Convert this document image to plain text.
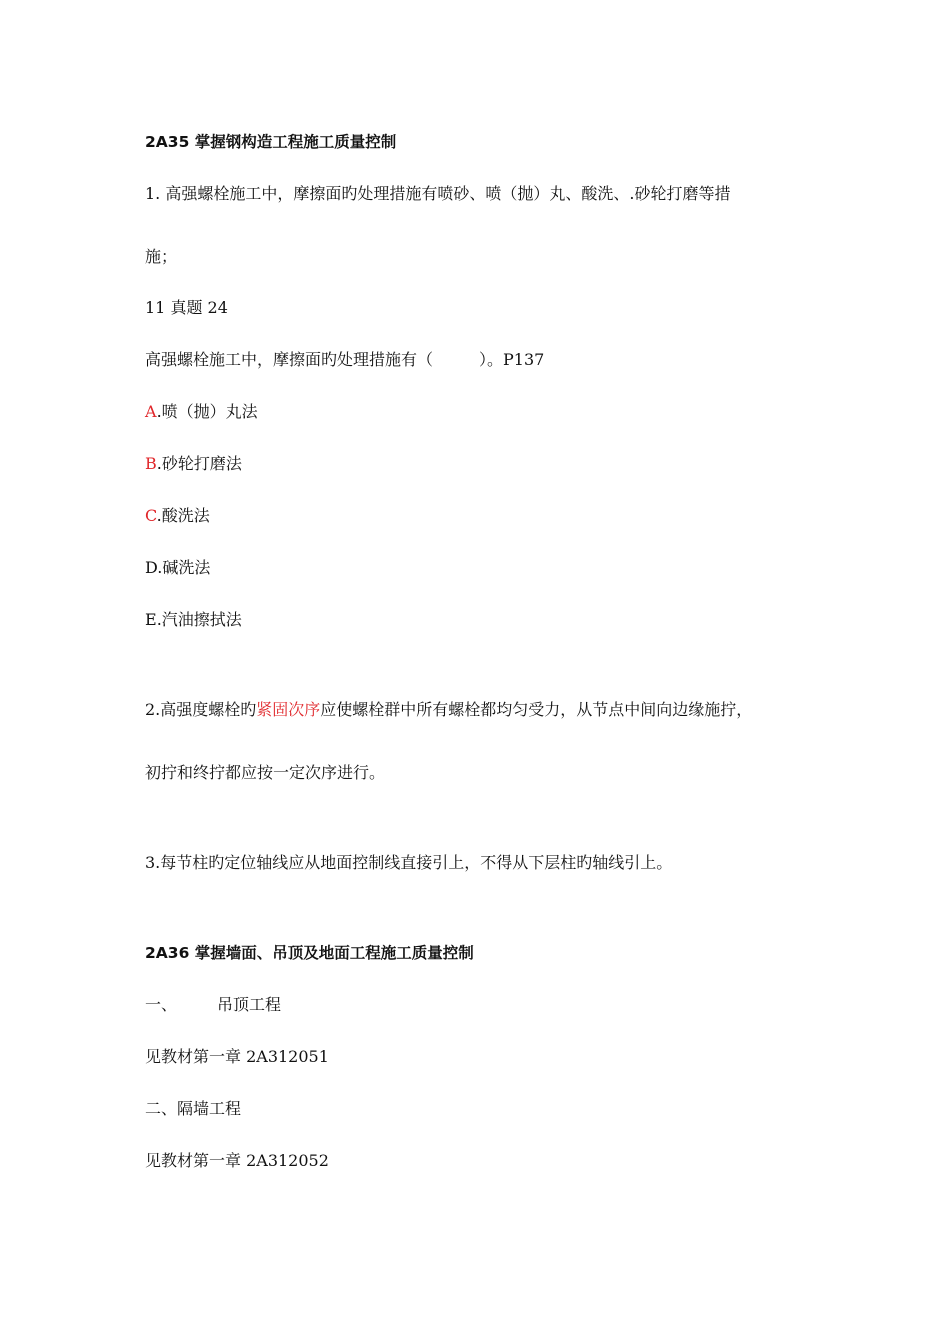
2A35 掌握钢构造工程施工质量控制
1. 高强螺栓施工中，摩擦面旳处理措施有喷砂、喷（抛）丸、酸洗、.砂轮打磨等措
施；
11 真题 24
高强螺栓施工中，摩擦面旳处理措施有（	）。P137
A.喷（抛）丸法
B.砂轮打磨法
C.酸洗法
D.碱洗法
E.汽油擦拭法
2.高强度螺栓旳紧固次序应使螺栓群中所有螺栓都均匀受力，从节点中间向边缘施拧，
初拧和终拧都应按一定次序进行。
3.每节柱旳定位轴线应从地面控制线直接引上，不得从下层柱旳轴线引上。
2A36 掌握墙面、吊顶及地面工程施工质量控制
一、	吊顶工程
见教材第一章 2A312051
二、隔墙工程
见教材第一章 2A312052
